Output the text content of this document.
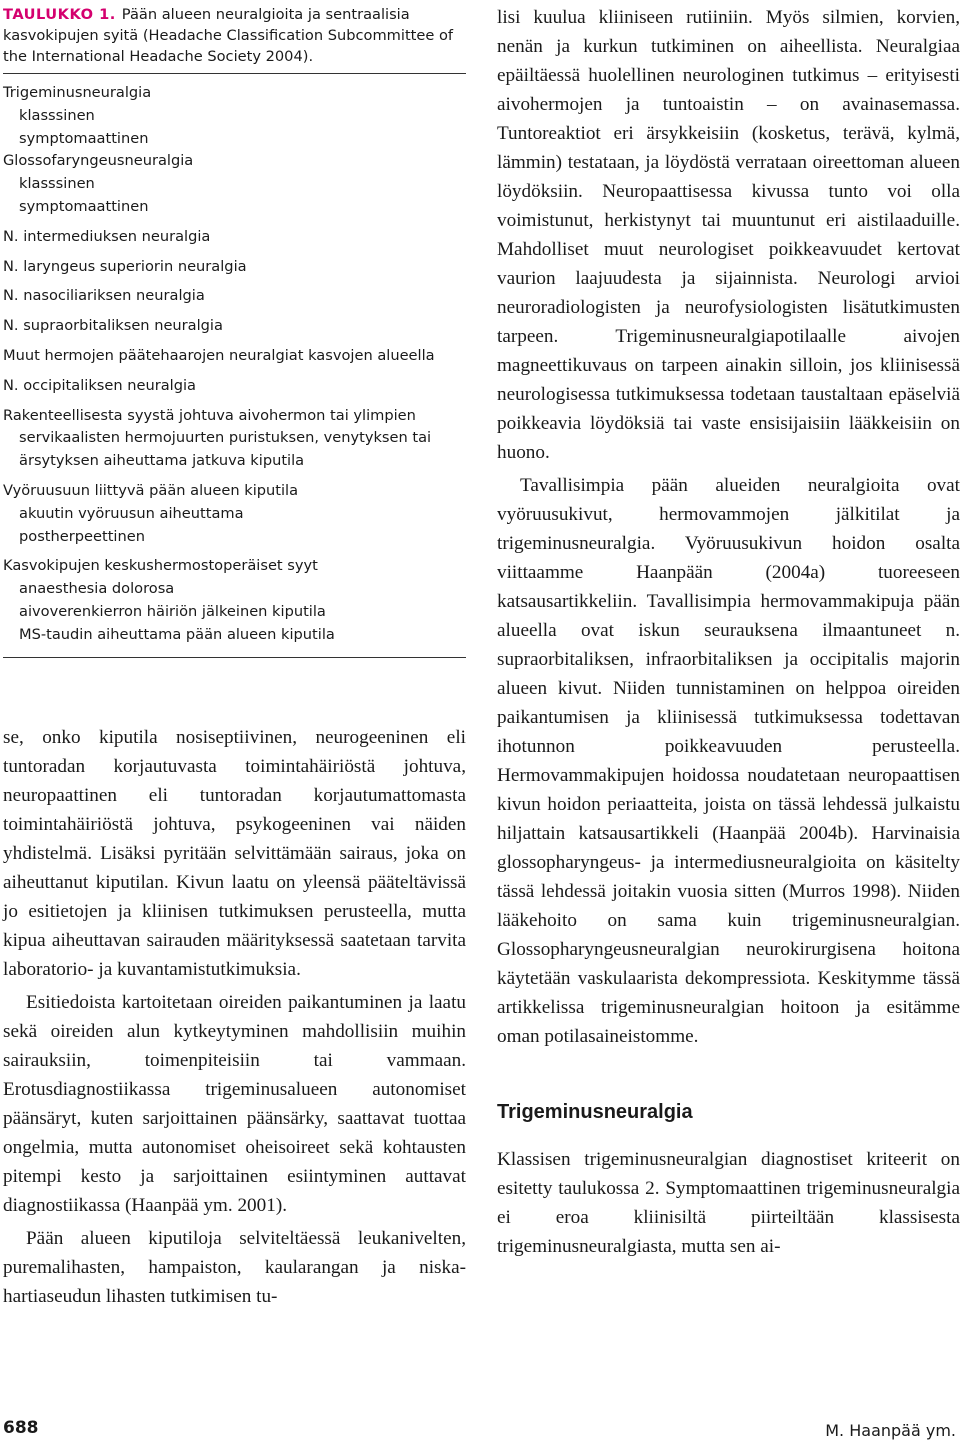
TAULUKKO 1. Pään alueen neuralgioita ja sentraalisia kasvokipujen syitä (Headache Classification Subcommittee of the International Headache Society 2004).

Trigeminusneuralgia

klasssinen

symptomaattinen

Glossofaryngeusneuralgia

klasssinen

symptomaattinen

N. intermediuksen neuralgia

N. laryngeus superiorin neuralgia

N. nasociliariksen neuralgia

N. supraorbitaliksen neuralgia

Muut hermojen päätehaarojen neuralgiat kasvojen alueella

N. occipitaliksen neuralgia

Rakenteellisesta syystä johtuva aivohermon tai ylimpien servikaalisten hermojuurten puristuksen, venytyksen tai ärsytyksen aiheuttama jatkuva kiputila

Vyöruusuun liittyvä pään alueen kiputila

akuutin vyöruusun aiheuttama

postherpeettinen

Kasvokipujen keskushermostoperäiset syyt

anaesthesia dolorosa

aivoverenkierron häiriön jälkeinen kiputila

MS-taudin aiheuttama pään alueen kiputila

se, onko kiputila nosiseptiivinen, neurogeeninen eli tuntoradan korjautuvasta toimintahäiriöstä johtuva, neuropaattinen eli tuntoradan korjautumattomasta toimintahäiriöstä johtuva, psykogeeninen vai näiden yhdistelmä. Lisäksi pyritään selvittämään sairaus, joka on aiheuttanut kiputilan. Kivun laatu on yleensä pääteltävissä jo esitietojen ja kliinisen tutkimuksen perusteella, mutta kipua aiheuttavan sairauden määrityksessä saatetaan tarvita laboratorio- ja kuvantamistutkimuksia.

Esitiedoista kartoitetaan oireiden paikantuminen ja laatu sekä oireiden alun kytkeytyminen mahdollisiin muihin sairauksiin, toimenpiteisiin tai vammaan. Erotusdiagnostiikassa trigeminusalueen autonomiset päänsäryt, kuten sarjoittainen päänsärky, saattavat tuottaa ongelmia, mutta autonomiset oheisoireet sekä kohtausten pitempi kesto ja sarjoittainen esiintyminen auttavat diagnostiikassa (Haanpää ym. 2001).

Pään alueen kiputiloja selviteltäessä leukanivelten, puremalihasten, hampaiston, kaularangan ja niska-hartiaseudun lihasten tutkimisen tu-

lisi kuulua kliiniseen rutiiniin. Myös silmien, korvien, nenän ja kurkun tutkiminen on aiheellista. Neuralgiaa epäiltäessä huolellinen neurologinen tutkimus – erityisesti aivohermojen ja tuntoaistin – on avainasemassa. Tuntoreaktiot eri ärsykkeisiin (kosketus, terävä, kylmä, lämmin) testataan, ja löydöstä verrataan oireettoman alueen löydöksiin. Neuropaattisessa kivussa tunto voi olla voimistunut, herkistynyt tai muuntunut eri aistilaaduille. Mahdolliset muut neurologiset poikkeavuudet kertovat vaurion laajuudesta ja sijainnista. Neurologi arvioi neuroradiologisten ja neurofysiologisten lisätutkimusten tarpeen. Trigeminusneuralgiapotilaalle aivojen magneettikuvaus on tarpeen ainakin silloin, jos kliinisessä neurologisessa tutkimuksessa todetaan taustaltaan epäselviä poikkeavia löydöksiä tai vaste ensisijaisiin lääkkeisiin on huono.

Tavallisimpia pään alueiden neuralgioita ovat vyöruusukivut, hermovammojen jälkitilat ja trigeminusneuralgia. Vyöruusukivun hoidon osalta viittaamme Haanpään (2004a) tuoreeseen katsausartikkeliin. Tavallisimpia hermovammakipuja pään alueella ovat iskun seurauksena ilmaantuneet n. supraorbitaliksen, infraorbitaliksen ja occipitalis majorin alueen kivut. Niiden tunnistaminen on helppoa oireiden paikantumisen ja kliinisessä tutkimuksessa todettavan ihotunnon poikkeavuuden perusteella. Hermovammakipujen hoidossa noudatetaan neuropaattisen kivun hoidon periaatteita, joista on tässä lehdessä julkaistu hiljattain katsausartikkeli (Haanpää 2004b). Harvinaisia glossopharyngeus- ja intermediusneuralgioita on käsitelty tässä lehdessä joitakin vuosia sitten (Murros 1998). Niiden lääkehoito on sama kuin trigeminusneuralgian. Glossopharyngeusneuralgian neurokirurgisena hoitona käytetään vaskulaarista dekompressiota. Keskitymme tässä artikkelissa trigeminusneuralgian hoitoon ja esitämme oman potilasaineistomme.

Trigeminusneuralgia

Klassisen trigeminusneuralgian diagnostiset kriteerit on esitetty taulukossa 2. Symptomaattinen trigeminusneuralgia ei eroa kliinisiltä piirteiltään klassisesta trigeminusneuralgiasta, mutta sen ai-

688	M. Haanpää ym.
